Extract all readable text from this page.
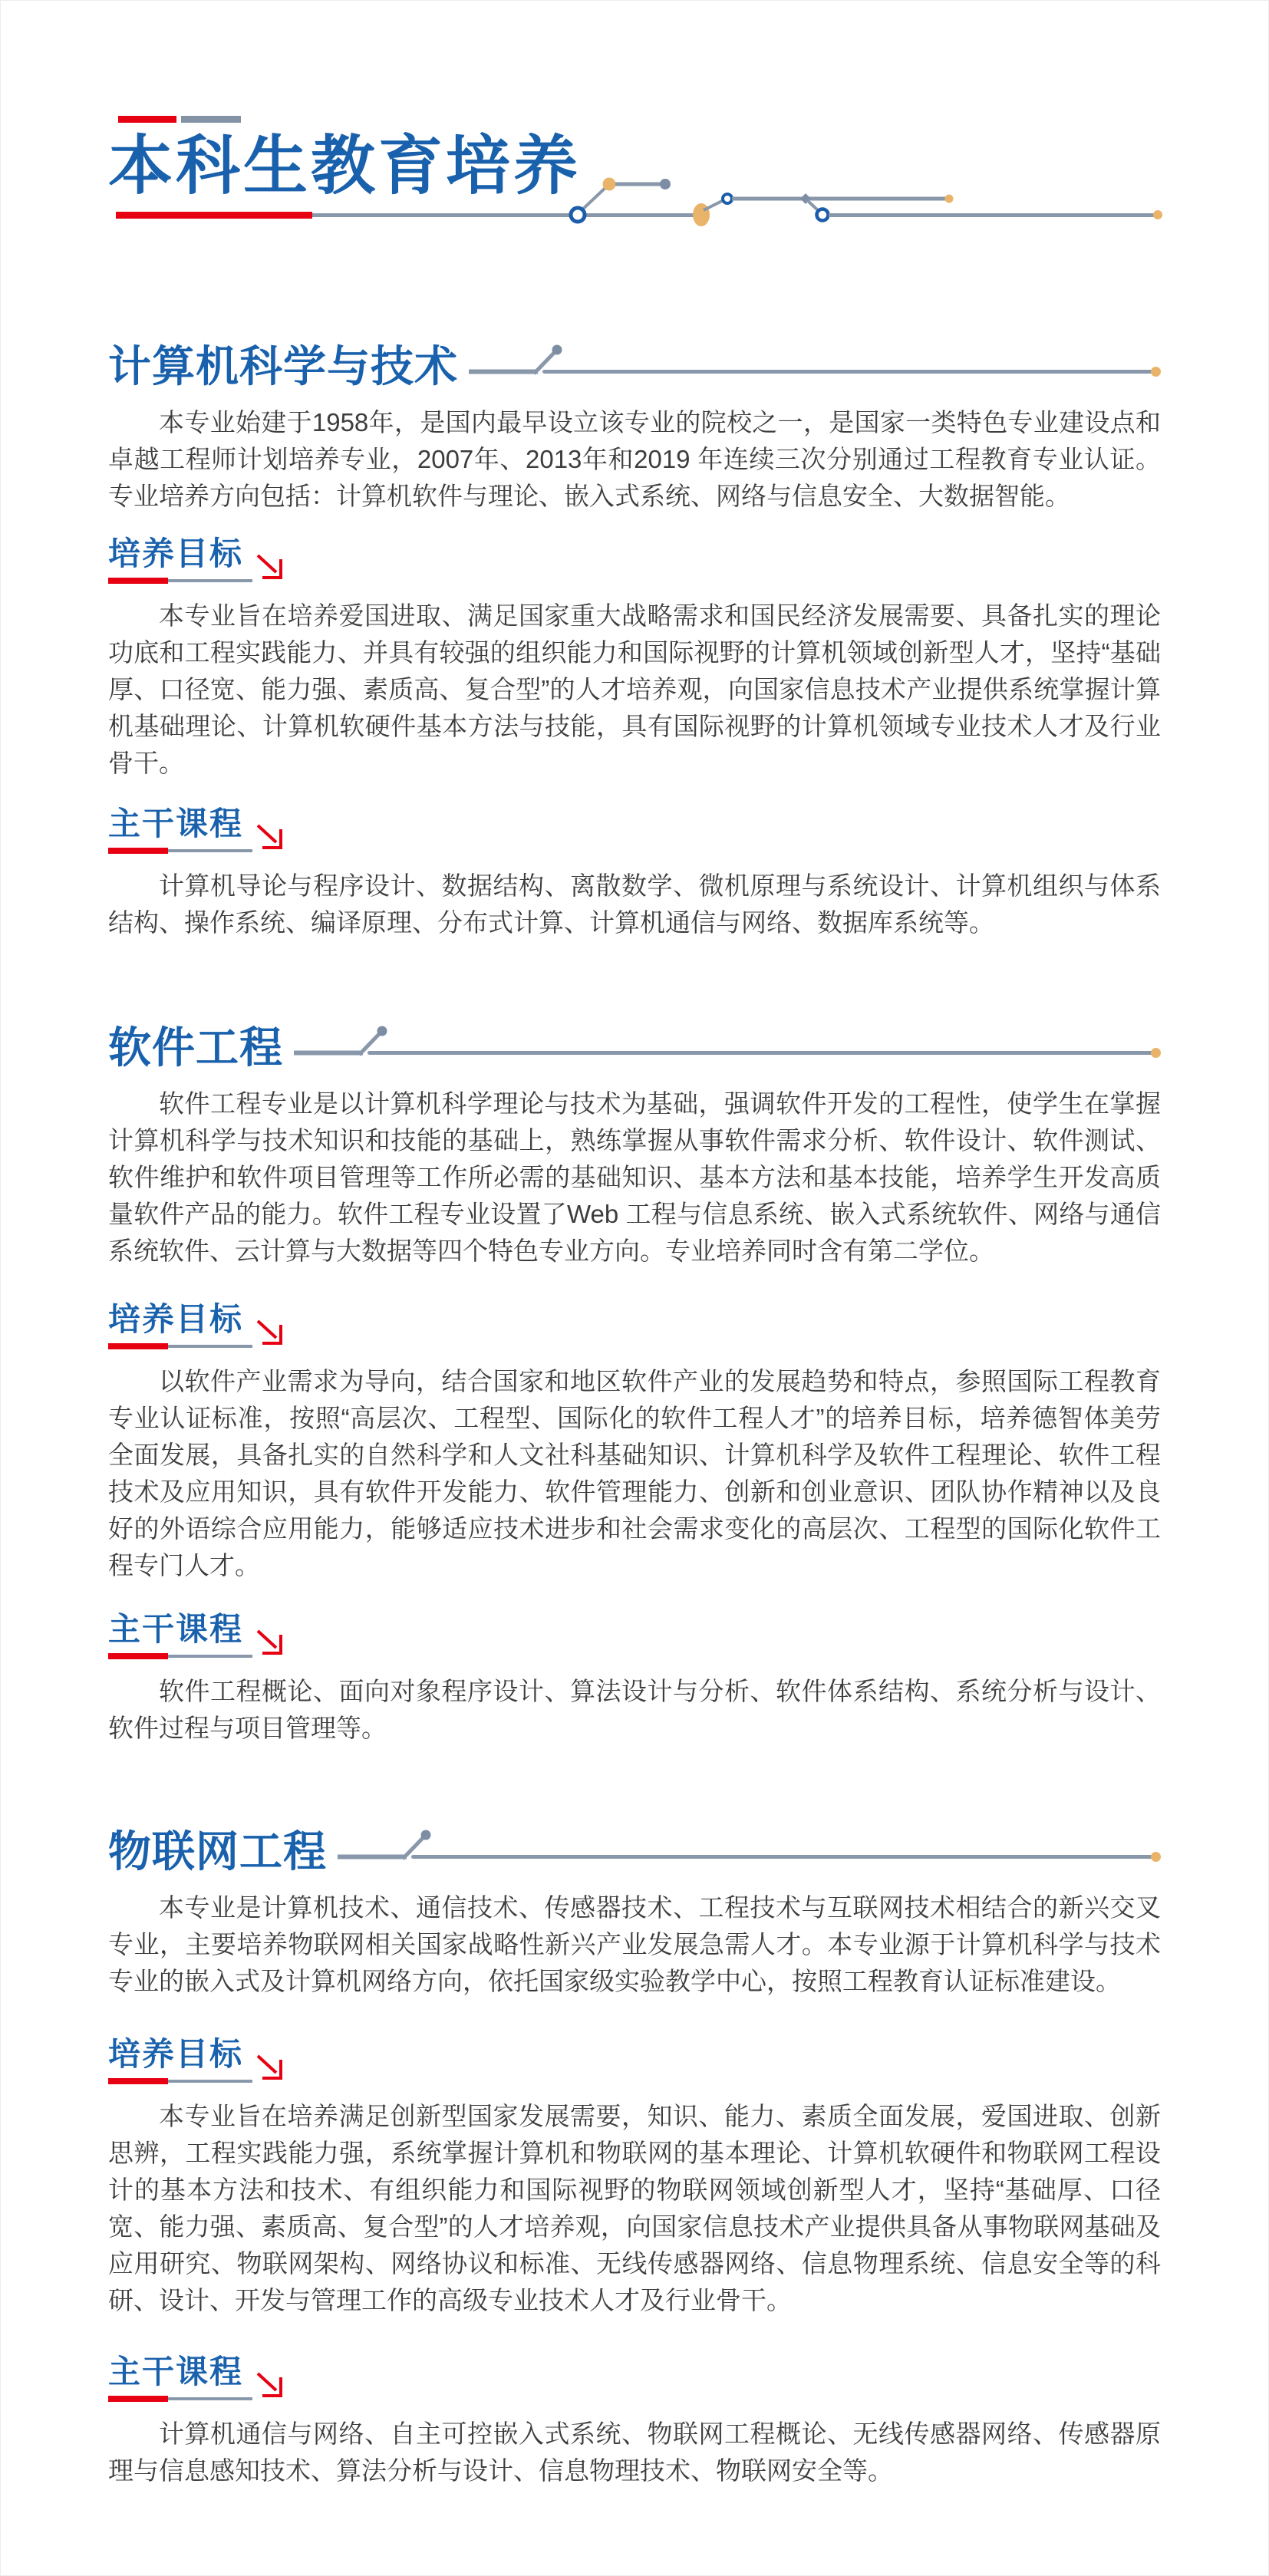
本科生教育培养
计算机科学与技术

本专业始建于1958年，是国内最早设立该专业的院校之一，是国家一类特色专业建设点和卓越工程师计划培养专业，2007年、2013年和2019 年连续三次分别通过工程教育专业认证。专业培养方向包括：计算机软件与理论、嵌入式系统、网络与信息安全、大数据智能。

培养目标

本专业旨在培养爱国进取、满足国家重大战略需求和国民经济发展需要、具备扎实的理论功底和工程实践能力、并具有较强的组织能力和国际视野的计算机领域创新型人才，坚持“基础厚、口径宽、能力强、素质高、复合型”的人才培养观，向国家信息技术产业提供系统掌握计算机基础理论、计算机软硬件基本方法与技能，具有国际视野的计算机领域专业技术人才及行业骨干。

主干课程

计算机导论与程序设计、数据结构、离散数学、微机原理与系统设计、计算机组织与体系结构、操作系统、编译原理、分布式计算、计算机通信与网络、数据库系统等。

软件工程

软件工程专业是以计算机科学理论与技术为基础，强调软件开发的工程性，使学生在掌握计算机科学与技术知识和技能的基础上，熟练掌握从事软件需求分析、软件设计、软件测试、软件维护和软件项目管理等工作所必需的基础知识、基本方法和基本技能，培养学生开发高质量软件产品的能力。软件工程专业设置了Web 工程与信息系统、嵌入式系统软件、网络与通信系统软件、云计算与大数据等四个特色专业方向。专业培养同时含有第二学位。

培养目标

以软件产业需求为导向，结合国家和地区软件产业的发展趋势和特点，参照国际工程教育专业认证标准，按照“高层次、工程型、国际化的软件工程人才”的培养目标，培养德智体美劳全面发展，具备扎实的自然科学和人文社科基础知识、计算机科学及软件工程理论、软件工程技术及应用知识，具有软件开发能力、软件管理能力、创新和创业意识、团队协作精神以及良好的外语综合应用能力，能够适应技术进步和社会需求变化的高层次、工程型的国际化软件工程专门人才。

主干课程

软件工程概论、面向对象程序设计、算法设计与分析、软件体系结构、系统分析与设计、软件过程与项目管理等。

物联网工程

本专业是计算机技术、通信技术、传感器技术、工程技术与互联网技术相结合的新兴交叉专业，主要培养物联网相关国家战略性新兴产业发展急需人才。本专业源于计算机科学与技术专业的嵌入式及计算机网络方向，依托国家级实验教学中心，按照工程教育认证标准建设。

培养目标

本专业旨在培养满足创新型国家发展需要，知识、能力、素质全面发展，爱国进取、创新思辨，工程实践能力强，系统掌握计算机和物联网的基本理论、计算机软硬件和物联网工程设计的基本方法和技术、有组织能力和国际视野的物联网领域创新型人才，坚持“基础厚、口径宽、能力强、素质高、复合型”的人才培养观，向国家信息技术产业提供具备从事物联网基础及应用研究、物联网架构、网络协议和标准、无线传感器网络、信息物理系统、信息安全等的科研、设计、开发与管理工作的高级专业技术人才及行业骨干。

主干课程

计算机通信与网络、自主可控嵌入式系统、物联网工程概论、无线传感器网络、传感器原理与信息感知技术、算法分析与设计、信息物理技术、物联网安全等。
